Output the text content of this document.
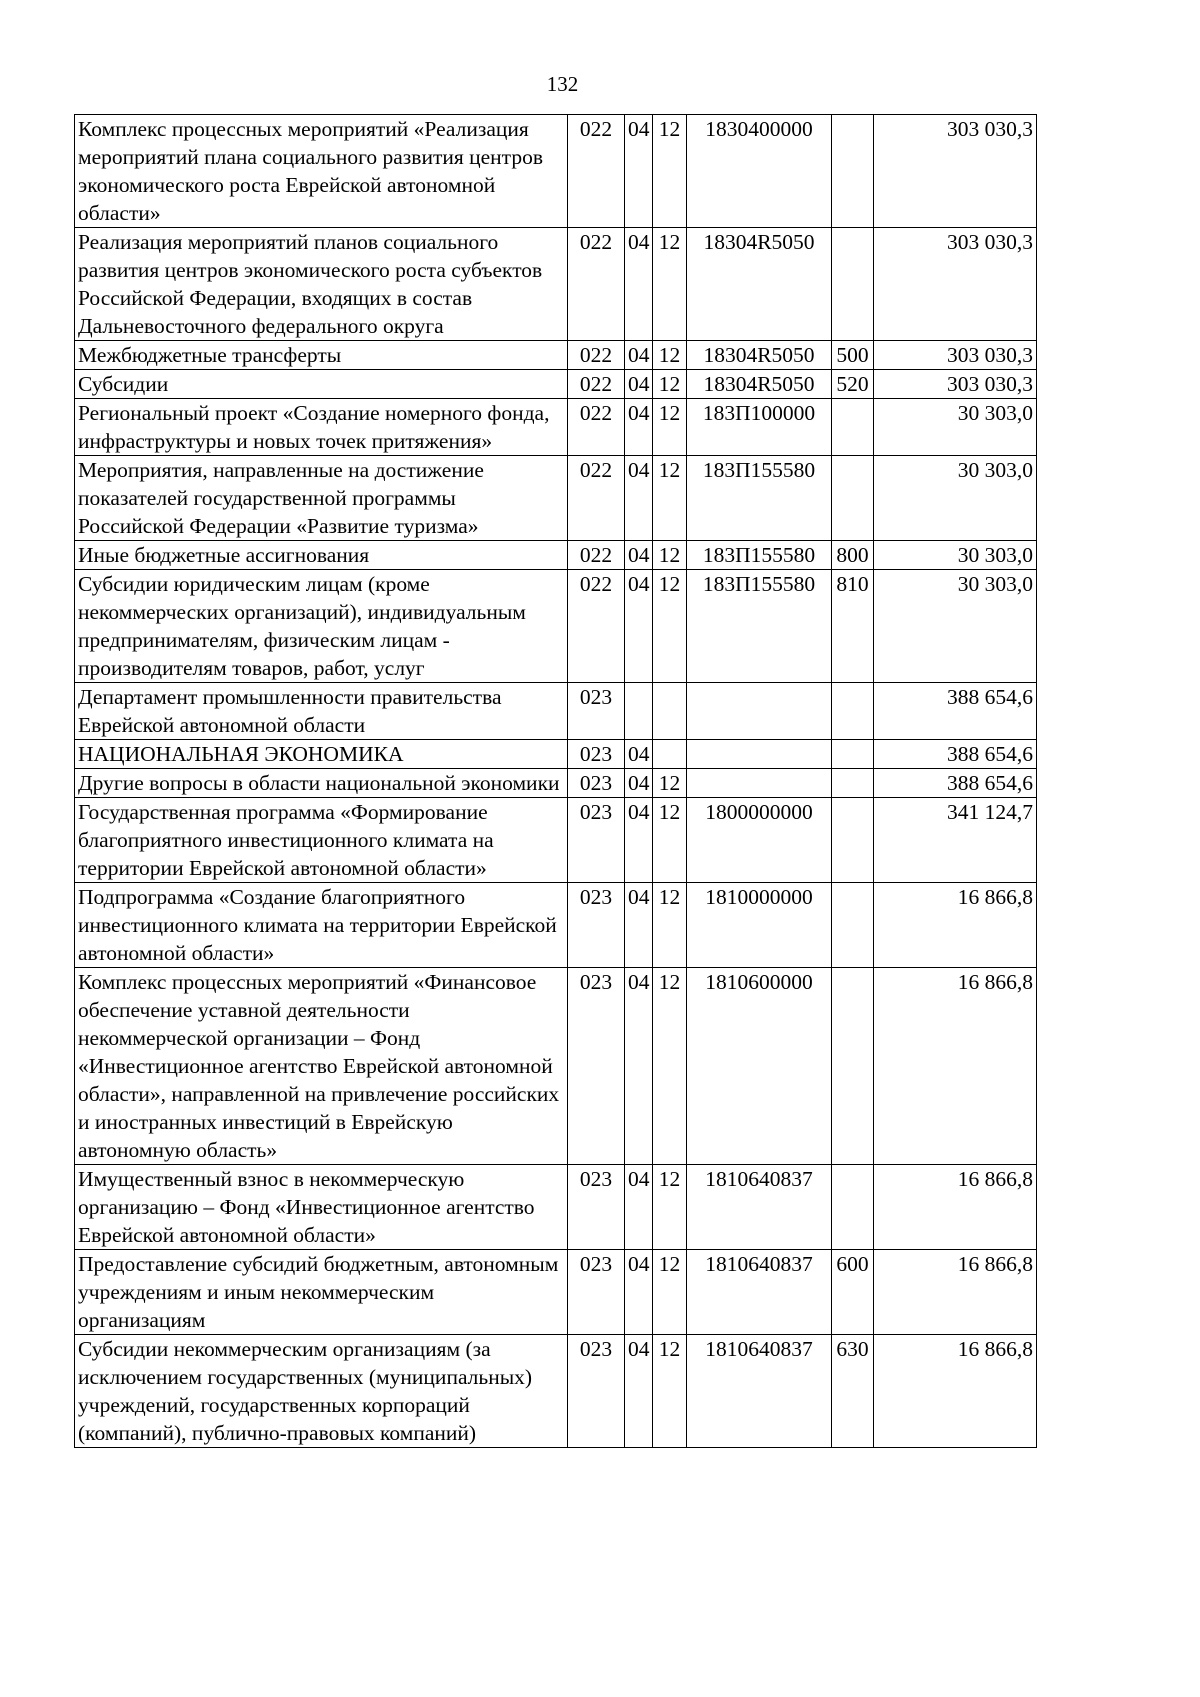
132
Комплекс процессных мероприятий «Реализация мероприятий плана социального развития центров экономического роста Еврейской автономной области»	022	04	12	1830400000		303 030,3
Реализация мероприятий планов социального развития центров экономического роста субъектов Российской Федерации, входящих в состав Дальневосточного федерального округа	022	04	12	18304R5050		303 030,3
Межбюджетные трансферты	022	04	12	18304R5050	500	303 030,3
Субсидии	022	04	12	18304R5050	520	303 030,3
Региональный проект «Создание номерного фонда, инфраструктуры и новых точек притяжения»	022	04	12	183П100000		30 303,0
Мероприятия, направленные на достижение показателей государственной программы Российской Федерации «Развитие туризма»	022	04	12	183П155580		30 303,0
Иные бюджетные ассигнования	022	04	12	183П155580	800	30 303,0
Субсидии юридическим лицам (кроме некоммерческих организаций), индивидуальным предпринимателям, физическим лицам - производителям товаров, работ, услуг	022	04	12	183П155580	810	30 303,0
Департамент промышленности правительства Еврейской автономной области	023					388 654,6
НАЦИОНАЛЬНАЯ ЭКОНОМИКА	023	04				388 654,6
Другие вопросы в области национальной экономики	023	04	12			388 654,6
Государственная программа «Формирование благоприятного инвестиционного климата на территории Еврейской автономной области»	023	04	12	1800000000		341 124,7
Подпрограмма «Создание благоприятного инвестиционного климата на территории Еврейской автономной области»	023	04	12	1810000000		16 866,8
Комплекс процессных мероприятий «Финансовое обеспечение уставной деятельности некоммерческой организации – Фонд «Инвестиционное агентство Еврейской автономной области», направленной на привлечение российских и иностранных инвестиций в Еврейскую автономную область»	023	04	12	1810600000		16 866,8
Имущественный взнос в некоммерческую организацию – Фонд «Инвестиционное агентство Еврейской автономной области»	023	04	12	1810640837		16 866,8
Предоставление субсидий бюджетным, автономным учреждениям и иным некоммерческим организациям	023	04	12	1810640837	600	16 866,8
Субсидии некоммерческим организациям (за исключением государственных (муниципальных) учреждений, государственных корпораций (компаний), публично-правовых компаний)	023	04	12	1810640837	630	16 866,8
